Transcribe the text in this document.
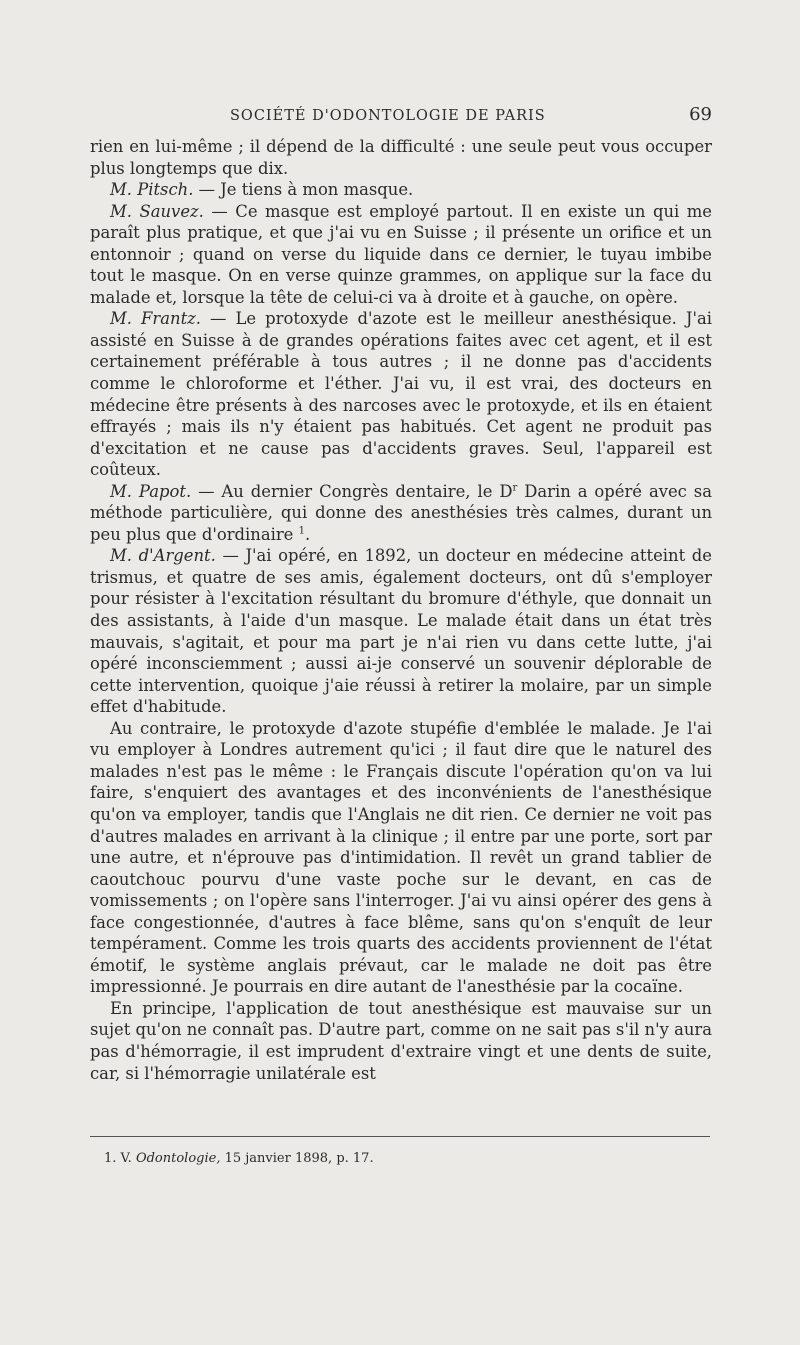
SOCIÉTÉ D'ODONTOLOGIE DE PARIS	69

rien en lui-même ; il dépend de la difficulté : une seule peut vous occuper plus longtemps que dix.

M. Pitsch. — Je tiens à mon masque.

M. Sauvez. — Ce masque est employé partout. Il en existe un qui me paraît plus pratique, et que j'ai vu en Suisse ; il présente un orifice et un entonnoir ; quand on verse du liquide dans ce dernier, le tuyau imbibe tout le masque. On en verse quinze grammes, on applique sur la face du malade et, lorsque la tête de celui-ci va à droite et à gauche, on opère.

M. Frantz. — Le protoxyde d'azote est le meilleur anesthésique. J'ai assisté en Suisse à de grandes opérations faites avec cet agent, et il est certainement préférable à tous autres ; il ne donne pas d'accidents comme le chloroforme et l'éther. J'ai vu, il est vrai, des docteurs en médecine être présents à des narcoses avec le protoxyde, et ils en étaient effrayés ; mais ils n'y étaient pas habitués. Cet agent ne produit pas d'excitation et ne cause pas d'accidents graves. Seul, l'appareil est coûteux.

M. Papot. — Au dernier Congrès dentaire, le $D^r$ Darin a opéré avec sa méthode particulière, qui donne des anesthésies très calmes, durant un peu plus que d'ordinaire $^1$.

M. d'Argent. — J'ai opéré, en 1892, un docteur en médecine atteint de trismus, et quatre de ses amis, également docteurs, ont dû s'employer pour résister à l'excitation résultant du bromure d'éthyle, que donnait un des assistants, à l'aide d'un masque. Le malade était dans un état très mauvais, s'agitait, et pour ma part je n'ai rien vu dans cette lutte, j'ai opéré inconsciemment ; aussi ai-je conservé un souvenir déplorable de cette intervention, quoique j'aie réussi à retirer la molaire, par un simple effet d'habitude.

Au contraire, le protoxyde d'azote stupéfie d'emblée le malade. Je l'ai vu employer à Londres autrement qu'ici ; il faut dire que le naturel des malades n'est pas le même : le Français discute l'opération qu'on va lui faire, s'enquiert des avantages et des inconvénients de l'anesthésique qu'on va employer, tandis que l'Anglais ne dit rien. Ce dernier ne voit pas d'autres malades en arrivant à la clinique ; il entre par une porte, sort par une autre, et n'éprouve pas d'intimidation. Il revêt un grand tablier de caoutchouc pourvu d'une vaste poche sur le devant, en cas de vomissements ; on l'opère sans l'interroger. J'ai vu ainsi opérer des gens à face congestionnée, d'autres à face blême, sans qu'on s'enquît de leur tempérament. Comme les trois quarts des accidents proviennent de l'état émotif, le système anglais prévaut, car le malade ne doit pas être impressionné. Je pourrais en dire autant de l'anesthésie par la cocaïne.

En principe, l'application de tout anesthésique est mauvaise sur un sujet qu'on ne connaît pas. D'autre part, comme on ne sait pas s'il n'y aura pas d'hémorragie, il est imprudent d'extraire vingt et une dents de suite, car, si l'hémorragie unilatérale est

1. V. Odontologie, 15 janvier 1898, p. 17.
